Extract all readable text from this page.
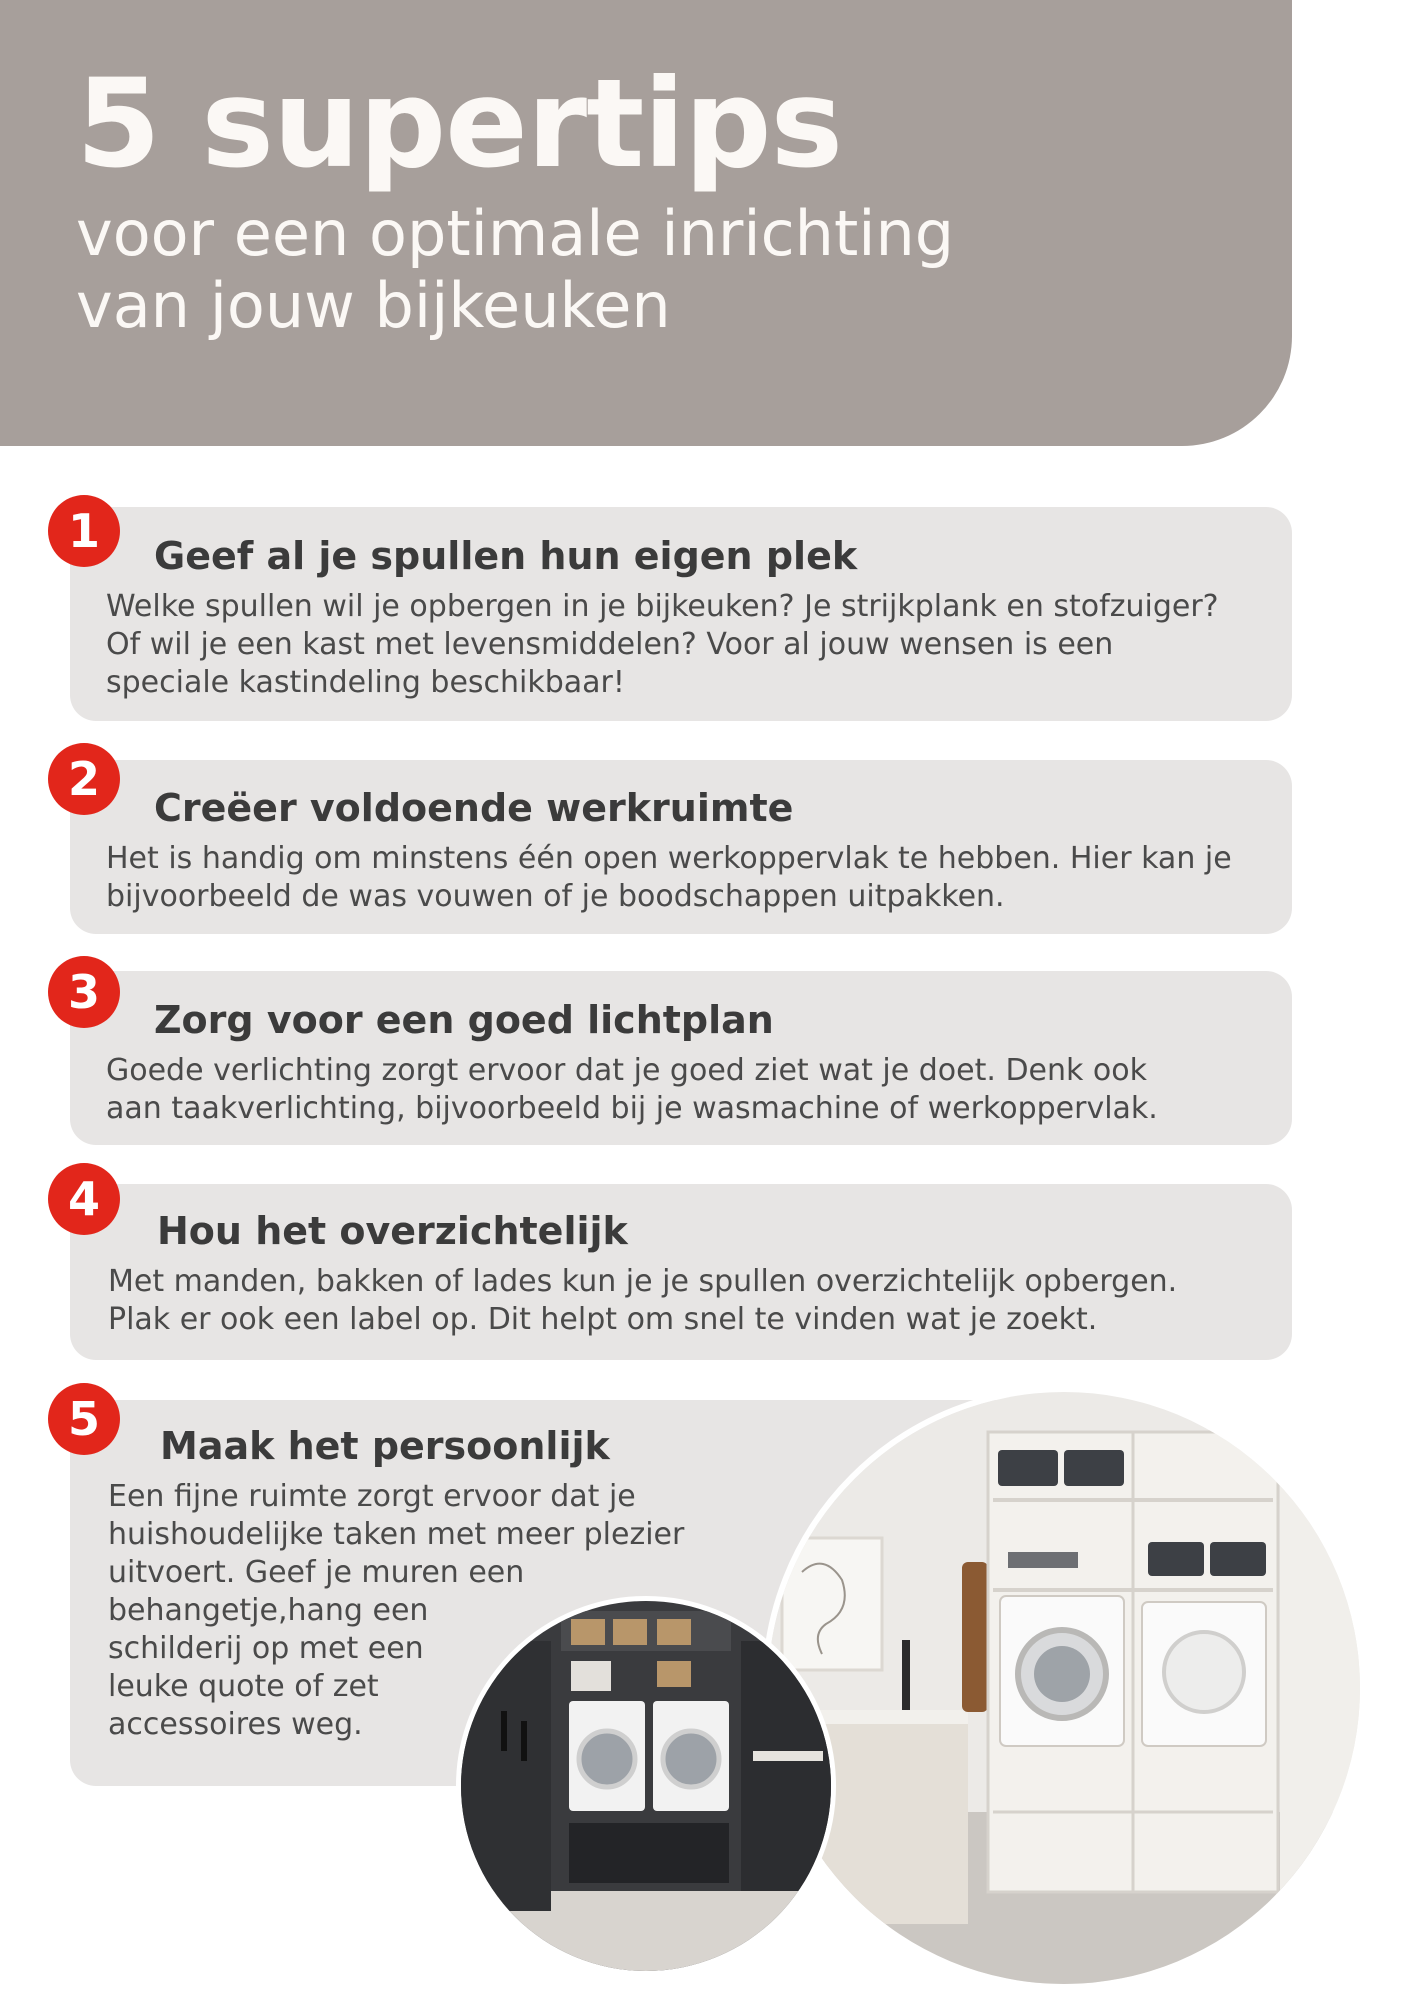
5 supertips
voor een optimale inrichting
van jouw bijkeuken
1	Geef al je spullen hun eigen plek
Welke spullen wil je opbergen in je bijkeuken? Je strijkplank en stofzuiger?
Of wil je een kast met levensmiddelen? Voor al jouw wensen is een
speciale kastindeling beschikbaar!
2
Creëer voldoende werkruimte
Het is handig om minstens één open werkoppervlak te hebben. Hier kan je
bijvoorbeeld de was vouwen of je boodschappen uitpakken.
3
Zorg voor een goed lichtplan
Goede verlichting zorgt ervoor dat je goed ziet wat je doet. Denk ook
aan taakverlichting, bijvoorbeeld bij je wasmachine of werkoppervlak.
4
Hou het overzichtelijk
Met manden, bakken of lades kun je je spullen overzichtelijk opbergen.
Plak er ook een label op. Dit helpt om snel te vinden wat je zoekt.
5	Maak het persoonlijk
Een fijne ruimte zorgt ervoor dat je
huishoudelijke taken met meer plezier
uitvoert. Geef je muren een
behangetje,hang een
schilderij op met een
leuke quote of zet
accessoires weg.
